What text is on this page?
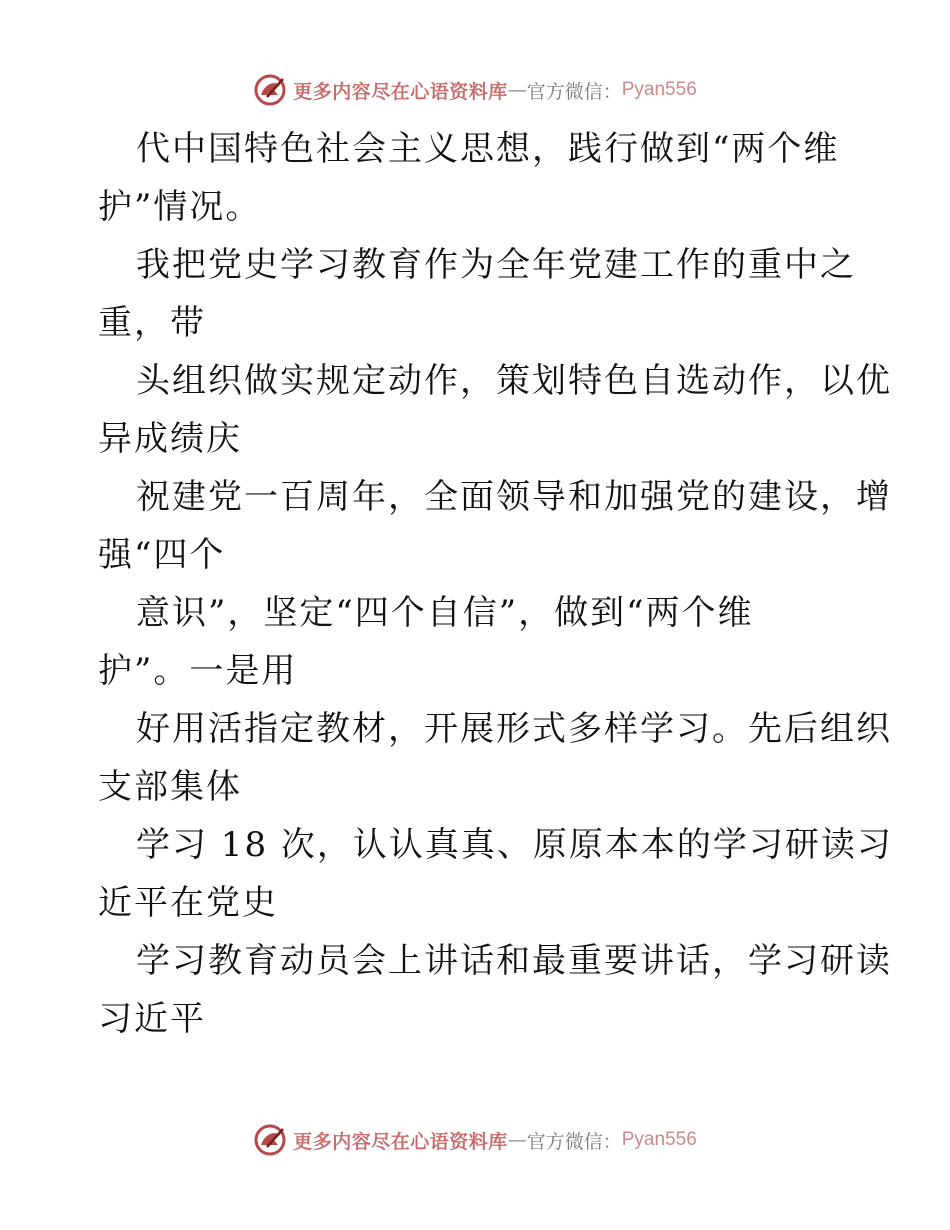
更多内容尽在心语资料库 — 官方微信： Pyan556
代中国特色社会主义思想，践行做到“两个维
护”情况。
我把党史学习教育作为全年党建工作的重中之
重，带
头组织做实规定动作，策划特色自选动作，以优
异成绩庆
祝建党一百周年，全面领导和加强党的建设，增
强“四个
意识”，坚定“四个自信”，做到“两个维
护”。一是用
好用活指定教材，开展形式多样学习。先后组织
支部集体
学习 18 次，认认真真、原原本本的学习研读习
近平在党史
学习教育动员会上讲话和最重要讲话，学习研读
习近平
更多内容尽在心语资料库 — 官方微信： Pyan556
